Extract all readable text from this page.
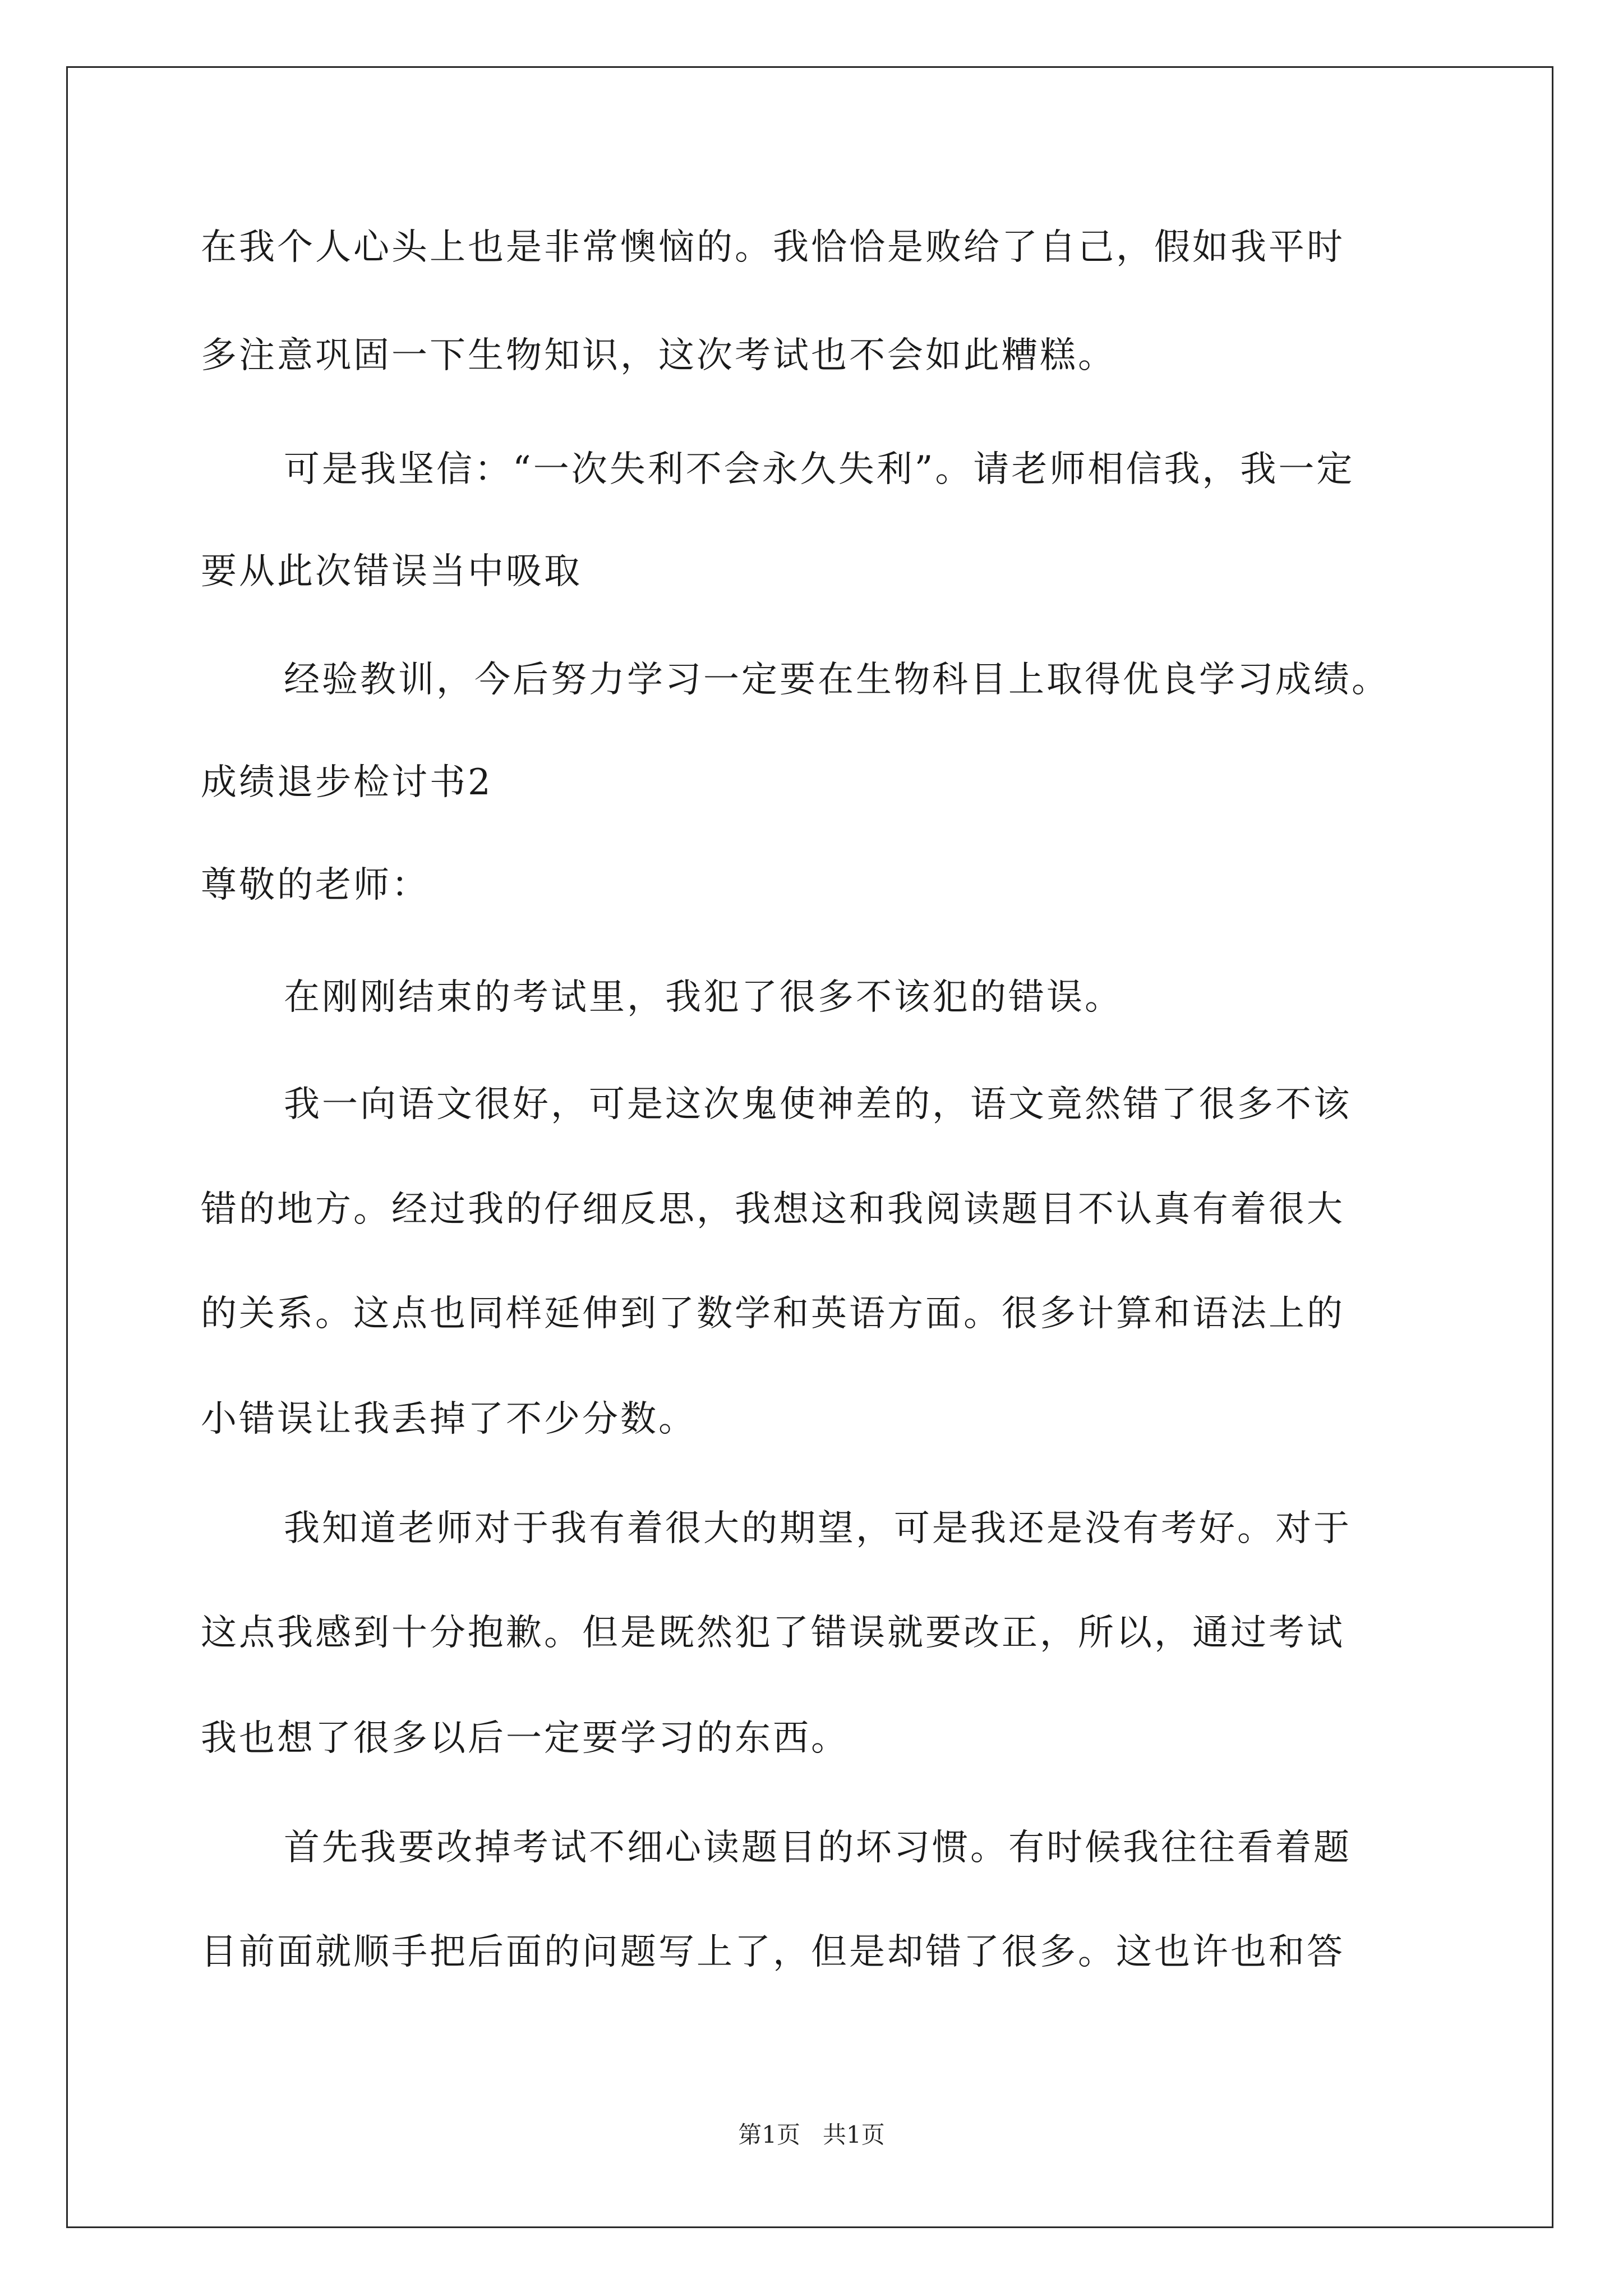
在我个人心头上也是非常懊恼的。我恰恰是败给了自己，假如我平时
多注意巩固一下生物知识，这次考试也不会如此糟糕。
可是我坚信：“一次失利不会永久失利”。请老师相信我，我一定
要从此次错误当中吸取
经验教训，今后努力学习一定要在生物科目上取得优良学习成绩。
成绩退步检讨书2
尊敬的老师：
在刚刚结束的考试里，我犯了很多不该犯的错误。
我一向语文很好，可是这次鬼使神差的，语文竟然错了很多不该
错的地方。经过我的仔细反思，我想这和我阅读题目不认真有着很大
的关系。这点也同样延伸到了数学和英语方面。很多计算和语法上的
小错误让我丢掉了不少分数。
我知道老师对于我有着很大的期望，可是我还是没有考好。对于
这点我感到十分抱歉。但是既然犯了错误就要改正，所以，通过考试
我也想了很多以后一定要学习的东西。
首先我要改掉考试不细心读题目的坏习惯。有时候我往往看着题
目前面就顺手把后面的问题写上了，但是却错了很多。这也许也和答
第1页   共1页
